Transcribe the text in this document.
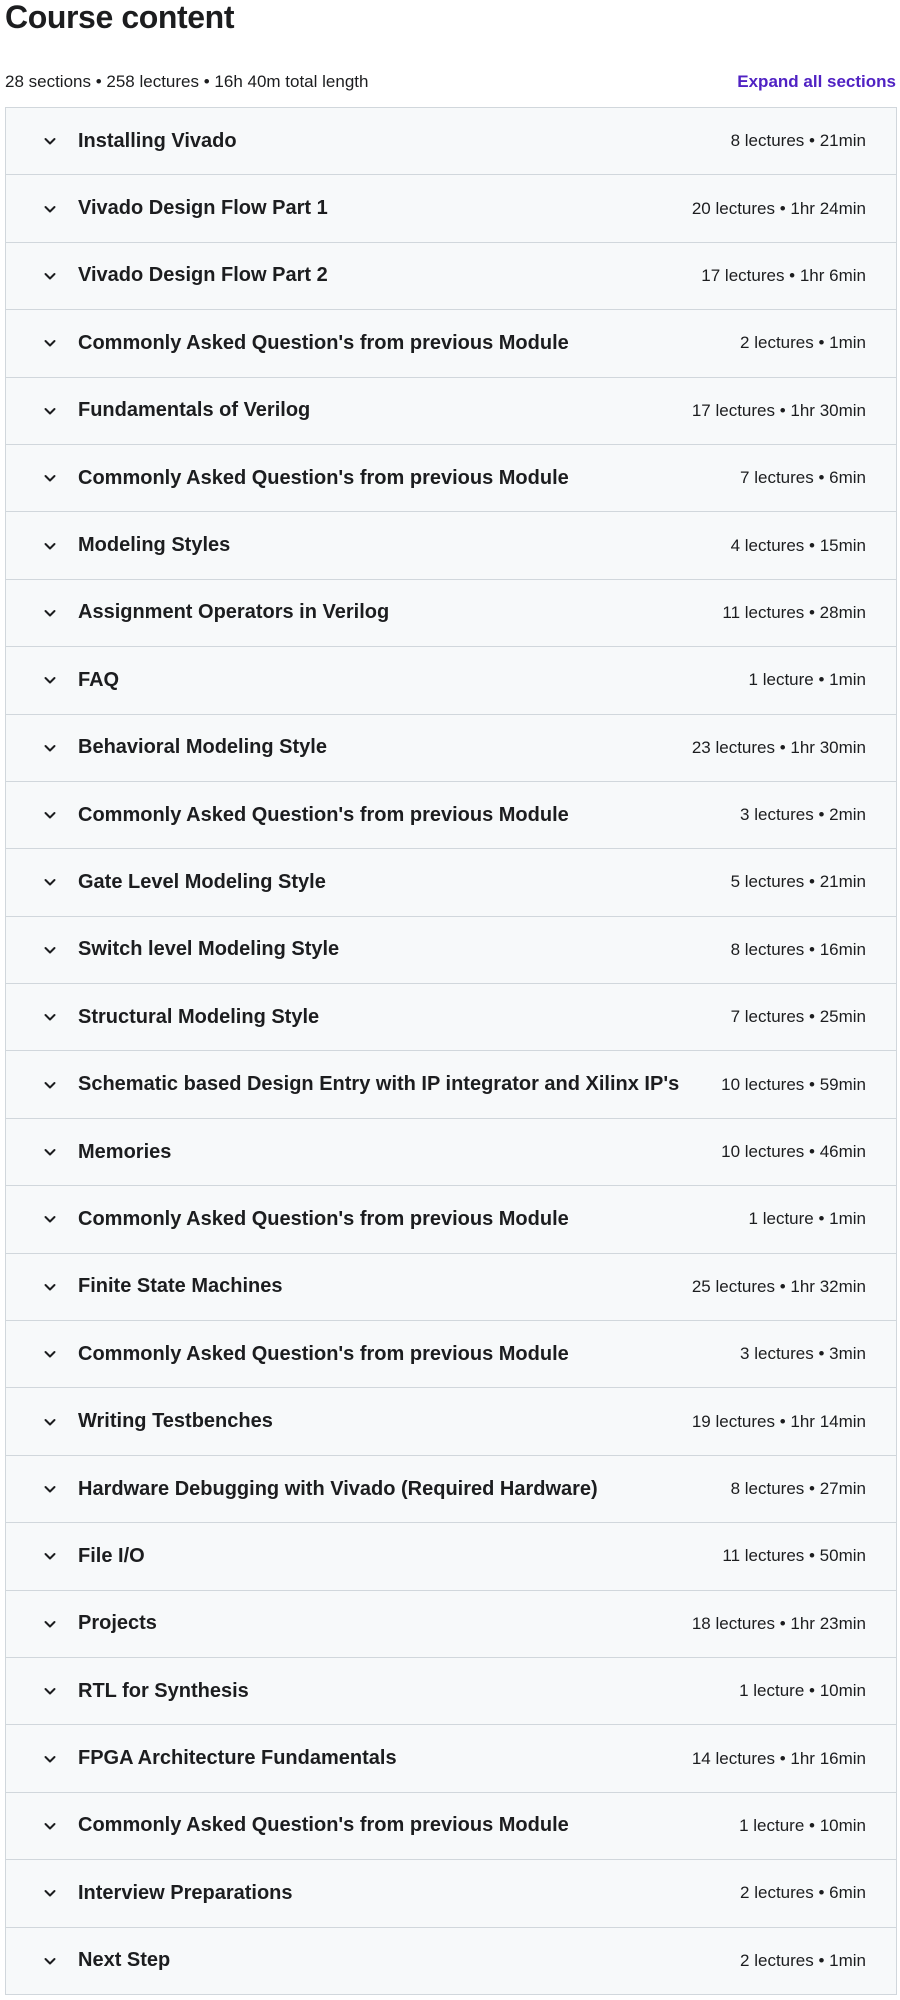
Course content
28 sections • 258 lectures • 16h 40m total length	Expand all sections
Installing Vivado	8 lectures • 21min
Vivado Design Flow Part 1	20 lectures • 1hr 24min
Vivado Design Flow Part 2	17 lectures • 1hr 6min
Commonly Asked Question's from previous Module	2 lectures • 1min
Fundamentals of Verilog	17 lectures • 1hr 30min
Commonly Asked Question's from previous Module	7 lectures • 6min
Modeling Styles	4 lectures • 15min
Assignment Operators in Verilog	11 lectures • 28min
FAQ	1 lecture • 1min
Behavioral Modeling Style	23 lectures • 1hr 30min
Commonly Asked Question's from previous Module	3 lectures • 2min
Gate Level Modeling Style	5 lectures • 21min
Switch level Modeling Style	8 lectures • 16min
Structural Modeling Style	7 lectures • 25min
Schematic based Design Entry with IP integrator and Xilinx IP's	10 lectures • 59min
Memories	10 lectures • 46min
Commonly Asked Question's from previous Module	1 lecture • 1min
Finite State Machines	25 lectures • 1hr 32min
Commonly Asked Question's from previous Module	3 lectures • 3min
Writing Testbenches	19 lectures • 1hr 14min
Hardware Debugging with Vivado (Required Hardware)	8 lectures • 27min
File I/O	11 lectures • 50min
Projects	18 lectures • 1hr 23min
RTL for Synthesis	1 lecture • 10min
FPGA Architecture Fundamentals	14 lectures • 1hr 16min
Commonly Asked Question's from previous Module	1 lecture • 10min
Interview Preparations	2 lectures • 6min
Next Step	2 lectures • 1min
